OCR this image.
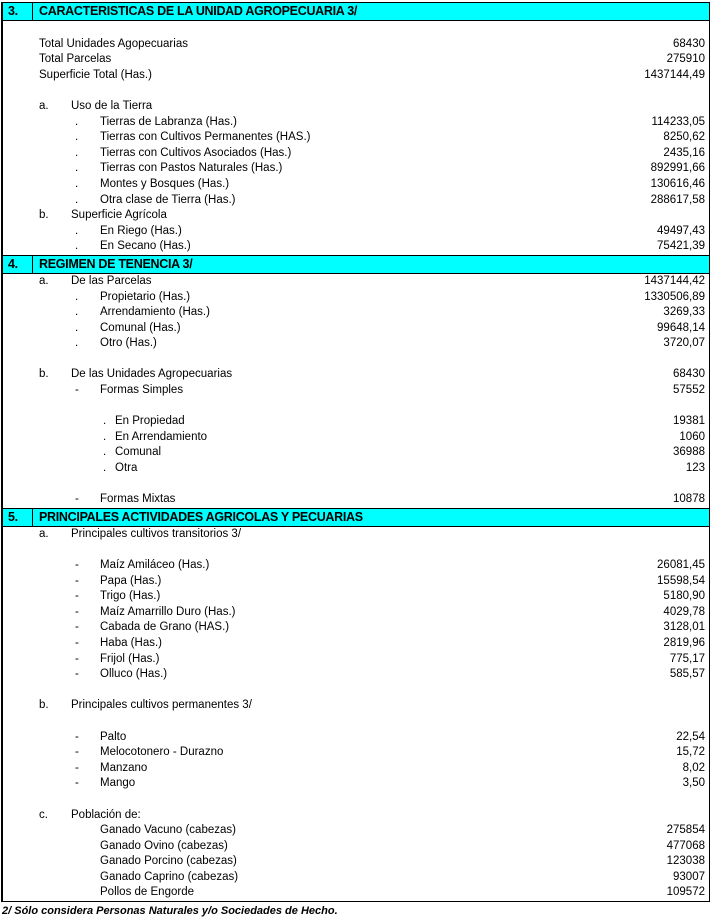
3. CARACTERISTICAS DE LA UNIDAD AGROPECUARIA 3/
Total Unidades Agopecuarias	68430
Total Parcelas	275910
Superficie Total (Has.)	1437144,49
a. Uso de la Tierra
. Tierras de Labranza (Has.)	114233,05
. Tierras con Cultivos Permanentes (HAS.)	8250,62
. Tierras con Cultivos Asociados (Has.)	2435,16
. Tierras con Pastos Naturales (Has.)	892991,66
. Montes y Bosques (Has.)	130616,46
. Otra clase de Tierra (Has.)	288617,58
b. Superficie Agrícola
. En Riego (Has.)	49497,43
. En Secano (Has.)	75421,39
4. REGIMEN DE TENENCIA 3/
a. De las Parcelas	1437144,42
. Propietario (Has.)	1330506,89
. Arrendamiento (Has.)	3269,33
. Comunal (Has.)	99648,14
. Otro (Has.)	3720,07
b. De las Unidades Agropecuarias	68430
- Formas Simples	57552
. En Propiedad	19381
. En Arrendamiento	1060
. Comunal	36988
. Otra	123
- Formas Mixtas	10878
5. PRINCIPALES ACTIVIDADES AGRICOLAS Y PECUARIAS
a. Principales cultivos transitorios 3/
- Maíz Amiláceo (Has.)	26081,45
- Papa (Has.)	15598,54
- Trigo (Has.)	5180,90
- Maíz Amarrillo Duro (Has.)	4029,78
- Cabada de Grano (HAS.)	3128,01
- Haba (Has.)	2819,96
- Frijol (Has.)	775,17
- Olluco (Has.)	585,57
b. Principales cultivos permanentes 3/
- Palto	22,54
- Melocotonero - Durazno	15,72
- Manzano	8,02
- Mango	3,50
c. Población de:
Ganado Vacuno (cabezas)	275854
Ganado Ovino (cabezas)	477068
Ganado Porcino (cabezas)	123038
Ganado Caprino (cabezas)	93007
Pollos de Engorde	109572
2/ Sólo considera Personas Naturales y/o Sociedades de Hecho.
